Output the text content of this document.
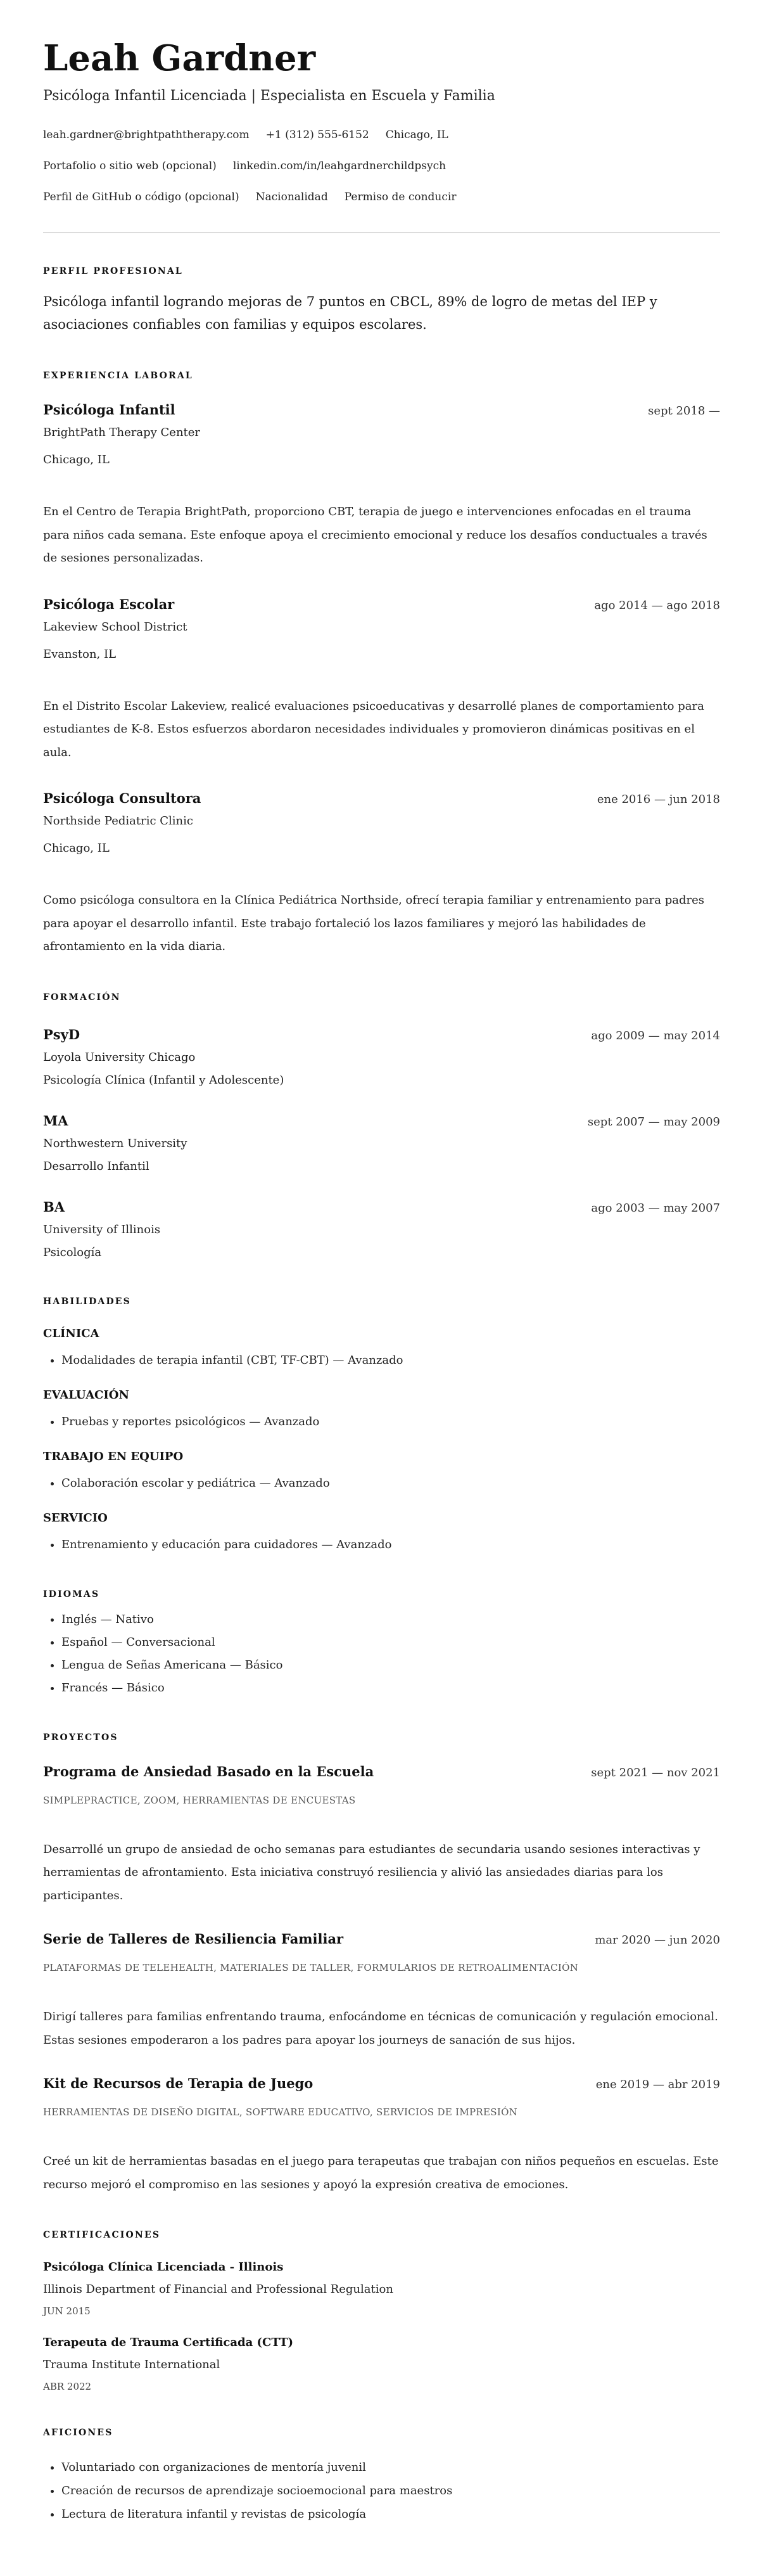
Leah Gardner
Psicóloga Infantil Licenciada | Especialista en Escuela y Familia
leah.gardner@brightpaththerapy.com +1 (312) 555-6152 Chicago, IL
Portafolio o sitio web (opcional) linkedin.com/in/leahgardnerchildpsych
Perfil de GitHub o código (opcional) Nacionalidad Permiso de conducir
PERFIL PROFESIONAL
Psicóloga infantil logrando mejoras de 7 puntos en CBCL, 89% de logro de metas del IEP y asociaciones confiables con familias y equipos escolares.
EXPERIENCIA LABORAL
Psicóloga Infantil	sept 2018 —
BrightPath Therapy Center
Chicago, IL
En el Centro de Terapia BrightPath, proporciono CBT, terapia de juego e intervenciones enfocadas en el trauma para niños cada semana. Este enfoque apoya el crecimiento emocional y reduce los desafíos conductuales a través de sesiones personalizadas.
Psicóloga Escolar	ago 2014 — ago 2018
Lakeview School District
Evanston, IL
En el Distrito Escolar Lakeview, realicé evaluaciones psicoeducativas y desarrollé planes de comportamiento para estudiantes de K-8. Estos esfuerzos abordaron necesidades individuales y promovieron dinámicas positivas en el aula.
Psicóloga Consultora	ene 2016 — jun 2018
Northside Pediatric Clinic
Chicago, IL
Como psicóloga consultora en la Clínica Pediátrica Northside, ofrecí terapia familiar y entrenamiento para padres para apoyar el desarrollo infantil. Este trabajo fortaleció los lazos familiares y mejoró las habilidades de afrontamiento en la vida diaria.
FORMACIÓN
PsyD	ago 2009 — may 2014
Loyola University Chicago
Psicología Clínica (Infantil y Adolescente)
MA	sept 2007 — may 2009
Northwestern University
Desarrollo Infantil
BA	ago 2003 — may 2007
University of Illinois
Psicología
HABILIDADES
CLÍNICA
• Modalidades de terapia infantil (CBT, TF-CBT) — Avanzado
EVALUACIÓN
• Pruebas y reportes psicológicos — Avanzado
TRABAJO EN EQUIPO
• Colaboración escolar y pediátrica — Avanzado
SERVICIO
• Entrenamiento y educación para cuidadores — Avanzado
IDIOMAS
• Inglés — Nativo
• Español — Conversacional
• Lengua de Señas Americana — Básico
• Francés — Básico
PROYECTOS
Programa de Ansiedad Basado en la Escuela	sept 2021 — nov 2021
SIMPLEPRACTICE, ZOOM, HERRAMIENTAS DE ENCUESTAS
Desarrollé un grupo de ansiedad de ocho semanas para estudiantes de secundaria usando sesiones interactivas y herramientas de afrontamiento. Esta iniciativa construyó resiliencia y alivió las ansiedades diarias para los participantes.
Serie de Talleres de Resiliencia Familiar	mar 2020 — jun 2020
PLATAFORMAS DE TELEHEALTH, MATERIALES DE TALLER, FORMULARIOS DE RETROALIMENTACIÓN
Dirigí talleres para familias enfrentando trauma, enfocándome en técnicas de comunicación y regulación emocional. Estas sesiones empoderaron a los padres para apoyar los journeys de sanación de sus hijos.
Kit de Recursos de Terapia de Juego	ene 2019 — abr 2019
HERRAMIENTAS DE DISEÑO DIGITAL, SOFTWARE EDUCATIVO, SERVICIOS DE IMPRESIÓN
Creé un kit de herramientas basadas en el juego para terapeutas que trabajan con niños pequeños en escuelas. Este recurso mejoró el compromiso en las sesiones y apoyó la expresión creativa de emociones.
CERTIFICACIONES
Psicóloga Clínica Licenciada - Illinois
Illinois Department of Financial and Professional Regulation
JUN 2015
Terapeuta de Trauma Certificada (CTT)
Trauma Institute International
ABR 2022
AFICIONES
• Voluntariado con organizaciones de mentoría juvenil
• Creación de recursos de aprendizaje socioemocional para maestros
• Lectura de literatura infantil y revistas de psicología
